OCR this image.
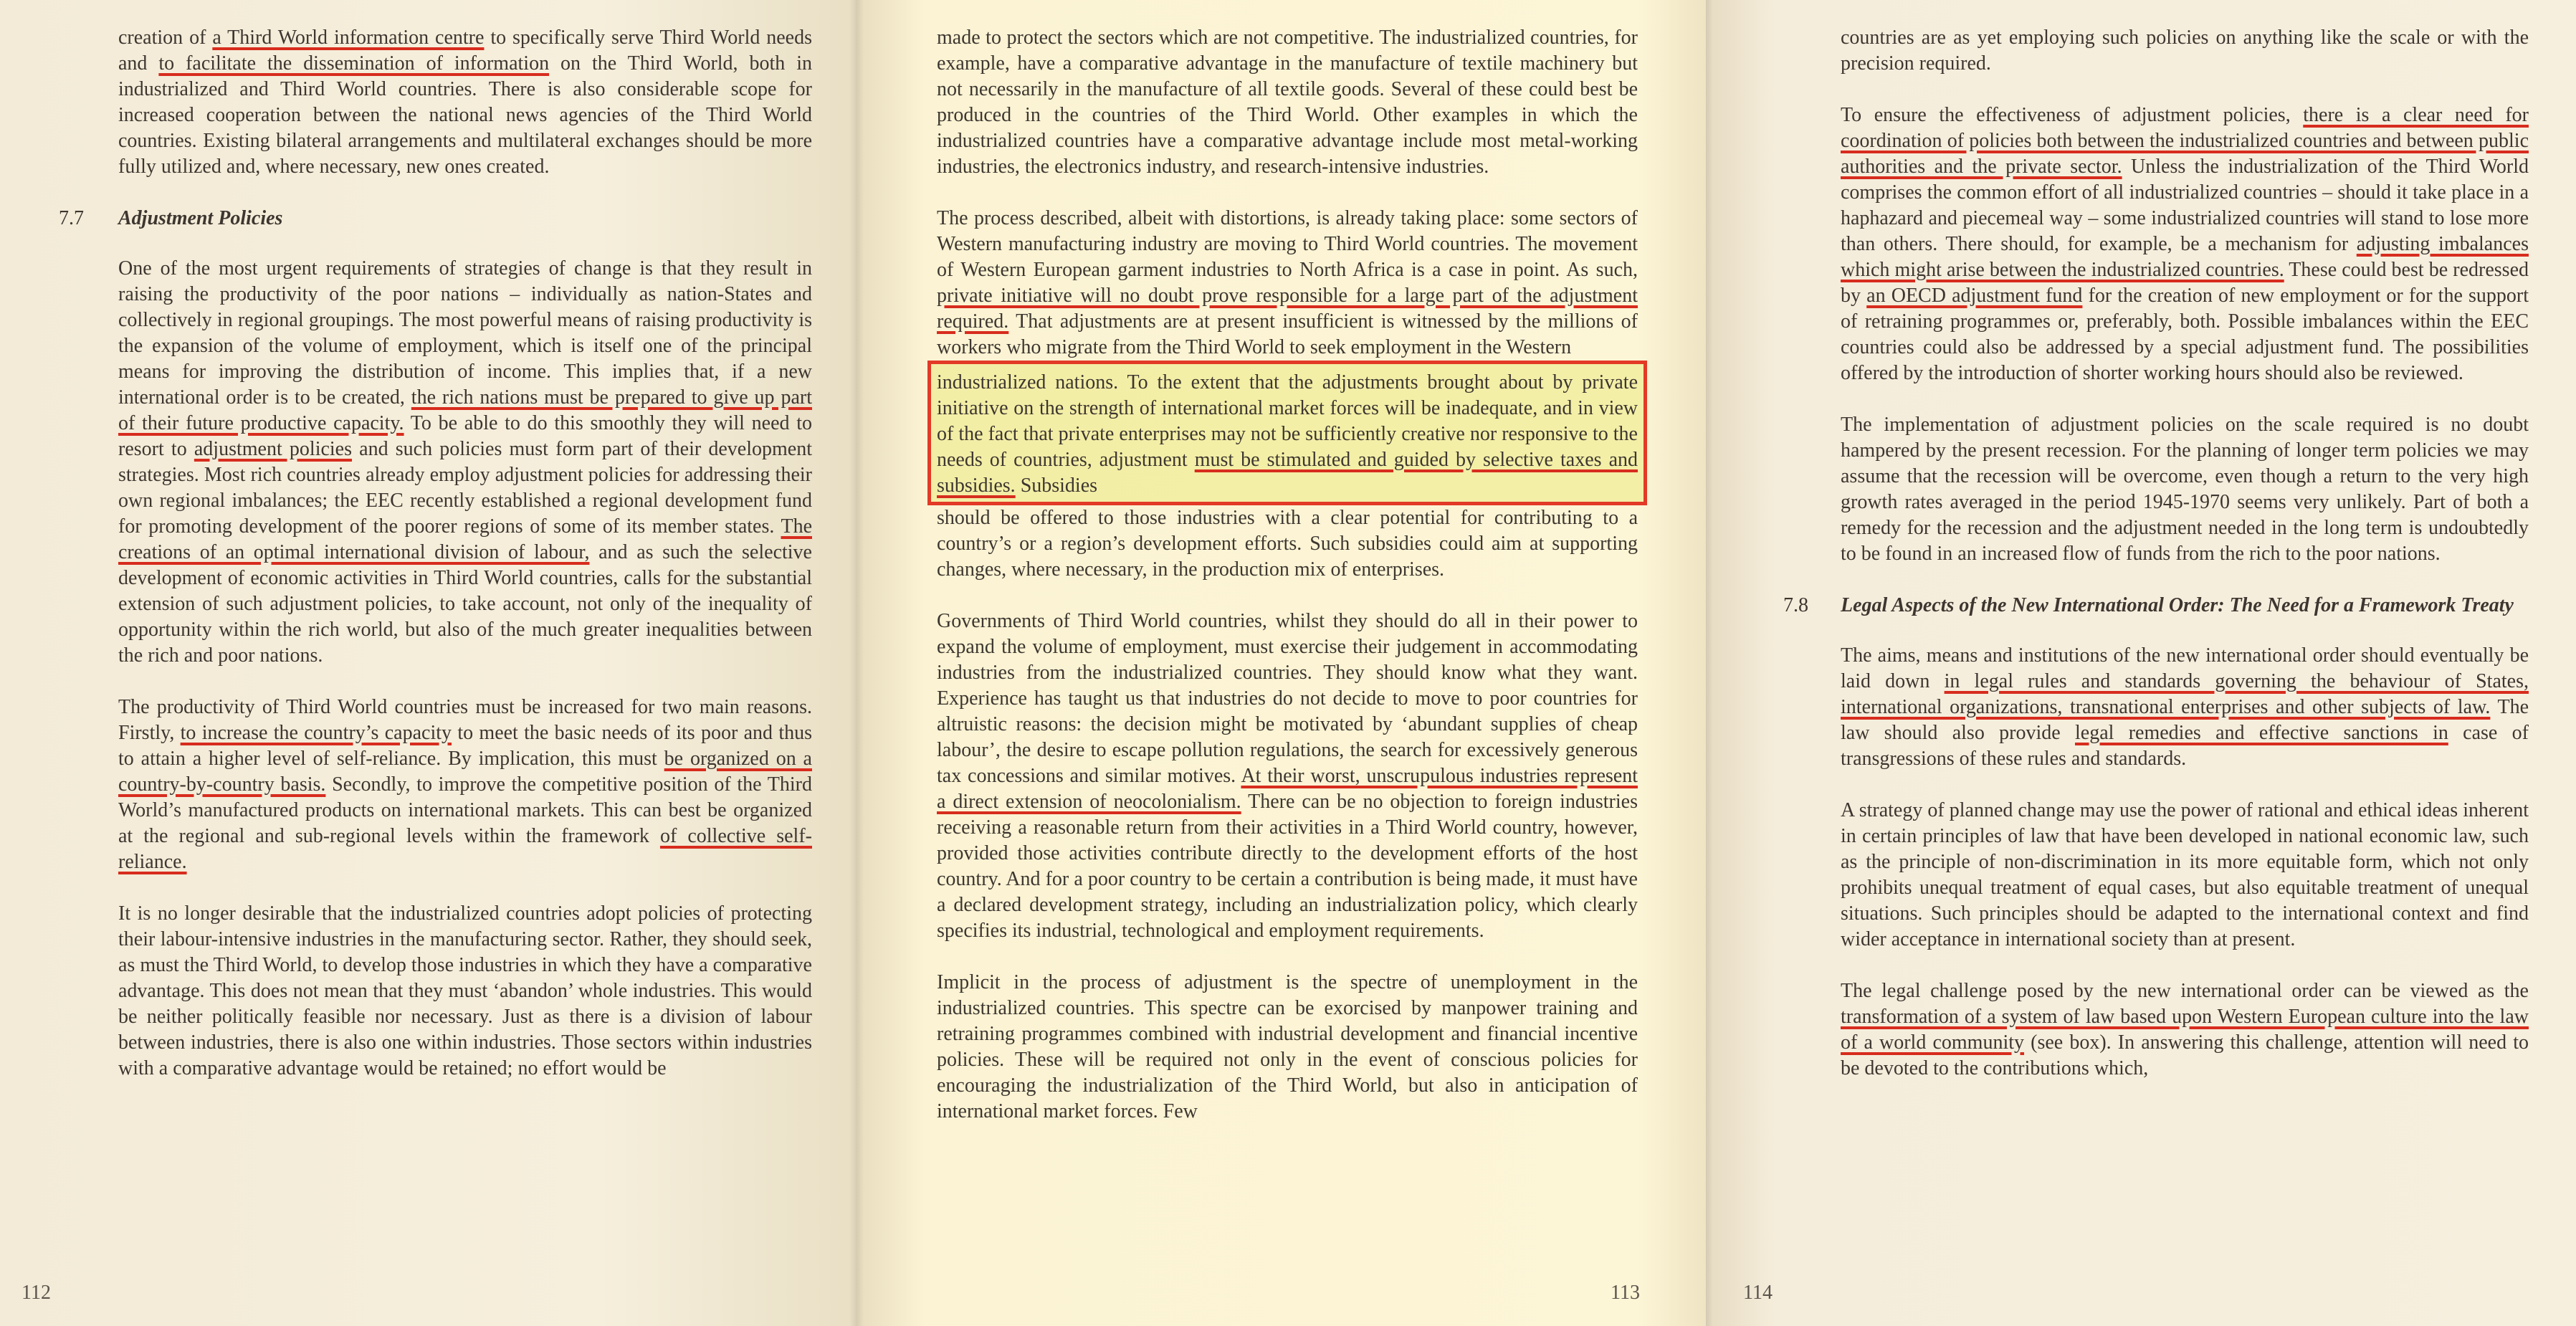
creation of a Third World information centre to specifically serve Third World needs and to facilitate the dissemination of information on the Third World, both in industrialized and Third World countries. There is also considerable scope for increased cooperation between the national news agencies of the Third World countries. Existing bilateral arrangements and multilateral exchanges should be more fully utilized and, where necessary, new ones created.

7.7 Adjustment Policies

One of the most urgent requirements of strategies of change is that they result in raising the productivity of the poor nations – individually as nation-States and collectively in regional groupings. The most powerful means of raising productivity is the expansion of the volume of employment, which is itself one of the principal means for improving the distribution of income. This implies that, if a new international order is to be created, the rich nations must be prepared to give up part of their future productive capacity. To be able to do this smoothly they will need to resort to adjustment policies and such policies must form part of their development strategies. Most rich countries already employ adjustment policies for addressing their own regional imbalances; the EEC recently established a regional development fund for promoting development of the poorer regions of some of its member states. The creations of an optimal international division of labour, and as such the selective development of economic activities in Third World countries, calls for the substantial extension of such adjustment policies, to take account, not only of the inequality of opportunity within the rich world, but also of the much greater inequalities between the rich and poor nations.

The productivity of Third World countries must be increased for two main reasons. Firstly, to increase the country’s capacity to meet the basic needs of its poor and thus to attain a higher level of self-reliance. By implication, this must be organized on a country-by-country basis. Secondly, to improve the competitive position of the Third World’s manufactured products on international markets. This can best be organized at the regional and sub-regional levels within the framework of collective self-reliance.

It is no longer desirable that the industrialized countries adopt policies of protecting their labour-intensive industries in the manufacturing sector. Rather, they should seek, as must the Third World, to develop those industries in which they have a comparative advantage. This does not mean that they must ‘abandon’ whole industries. This would be neither politically feasible nor necessary. Just as there is a division of labour between industries, there is also one within industries. Those sectors within industries with a comparative advantage would be retained; no effort would be

112

made to protect the sectors which are not competitive. The industrialized countries, for example, have a comparative advantage in the manufacture of textile machinery but not necessarily in the manufacture of all textile goods. Several of these could best be produced in the countries of the Third World. Other examples in which the industrialized countries have a comparative advantage include most metal-working industries, the electronics industry, and research-intensive industries.

The process described, albeit with distortions, is already taking place: some sectors of Western manufacturing industry are moving to Third World countries. The movement of Western European garment industries to North Africa is a case in point. As such, private initiative will no doubt prove responsible for a large part of the adjustment required. That adjustments are at present insufficient is witnessed by the millions of workers who migrate from the Third World to seek employment in the Western
industrialized nations. To the extent that the adjustments brought about by private initiative on the strength of international market forces will be inadequate, and in view of the fact that private enterprises may not be sufficiently creative nor responsive to the needs of countries, adjustment must be stimulated and guided by selective taxes and subsidies. Subsidies
should be offered to those industries with a clear potential for contributing to a country’s or a region’s development efforts. Such subsidies could aim at supporting changes, where necessary, in the production mix of enterprises.

Governments of Third World countries, whilst they should do all in their power to expand the volume of employment, must exercise their judgement in accommodating industries from the industrialized countries. They should know what they want. Experience has taught us that industries do not decide to move to poor countries for altruistic reasons: the decision might be motivated by ‘abundant supplies of cheap labour’, the desire to escape pollution regulations, the search for excessively generous tax concessions and similar motives. At their worst, unscrupulous industries represent a direct extension of neocolonialism. There can be no objection to foreign industries receiving a reasonable return from their activities in a Third World country, however, provided those activities contribute directly to the development efforts of the host country. And for a poor country to be certain a contribution is being made, it must have a declared development strategy, including an industrialization policy, which clearly specifies its industrial, technological and employment requirements.

Implicit in the process of adjustment is the spectre of unemployment in the industrialized countries. This spectre can be exorcised by manpower training and retraining programmes combined with industrial development and financial incentive policies. These will be required not only in the event of conscious policies for encouraging the industrialization of the Third World, but also in anticipation of international market forces. Few

113

countries are as yet employing such policies on anything like the scale or with the precision required.

To ensure the effectiveness of adjustment policies, there is a clear need for coordination of policies both between the industrialized countries and between public authorities and the private sector. Unless the industrialization of the Third World comprises the common effort of all industrialized countries – should it take place in a haphazard and piecemeal way – some industrialized countries will stand to lose more than others. There should, for example, be a mechanism for adjusting imbalances which might arise between the industrialized countries. These could best be redressed by an OECD adjustment fund for the creation of new employment or for the support of retraining programmes or, preferably, both. Possible imbalances within the EEC countries could also be addressed by a special adjustment fund. The possibilities offered by the introduction of shorter working hours should also be reviewed.

The implementation of adjustment policies on the scale required is no doubt hampered by the present recession. For the planning of longer term policies we may assume that the recession will be overcome, even though a return to the very high growth rates averaged in the period 1945-1970 seems very unlikely. Part of both a remedy for the recession and the adjustment needed in the long term is undoubtedly to be found in an increased flow of funds from the rich to the poor nations.

7.8 Legal Aspects of the New International Order: The Need for a Framework Treaty

The aims, means and institutions of the new international order should eventually be laid down in legal rules and standards governing the behaviour of States, international organizations, transnational enterprises and other subjects of law. The law should also provide legal remedies and effective sanctions in case of transgressions of these rules and standards.

A strategy of planned change may use the power of rational and ethical ideas inherent in certain principles of law that have been developed in national economic law, such as the principle of non-discrimination in its more equitable form, which not only prohibits unequal treatment of equal cases, but also equitable treatment of unequal situations. Such principles should be adapted to the international context and find wider acceptance in international society than at present.

The legal challenge posed by the new international order can be viewed as the transformation of a system of law based upon Western European culture into the law of a world community (see box). In answering this challenge, attention will need to be devoted to the contributions which,

114
